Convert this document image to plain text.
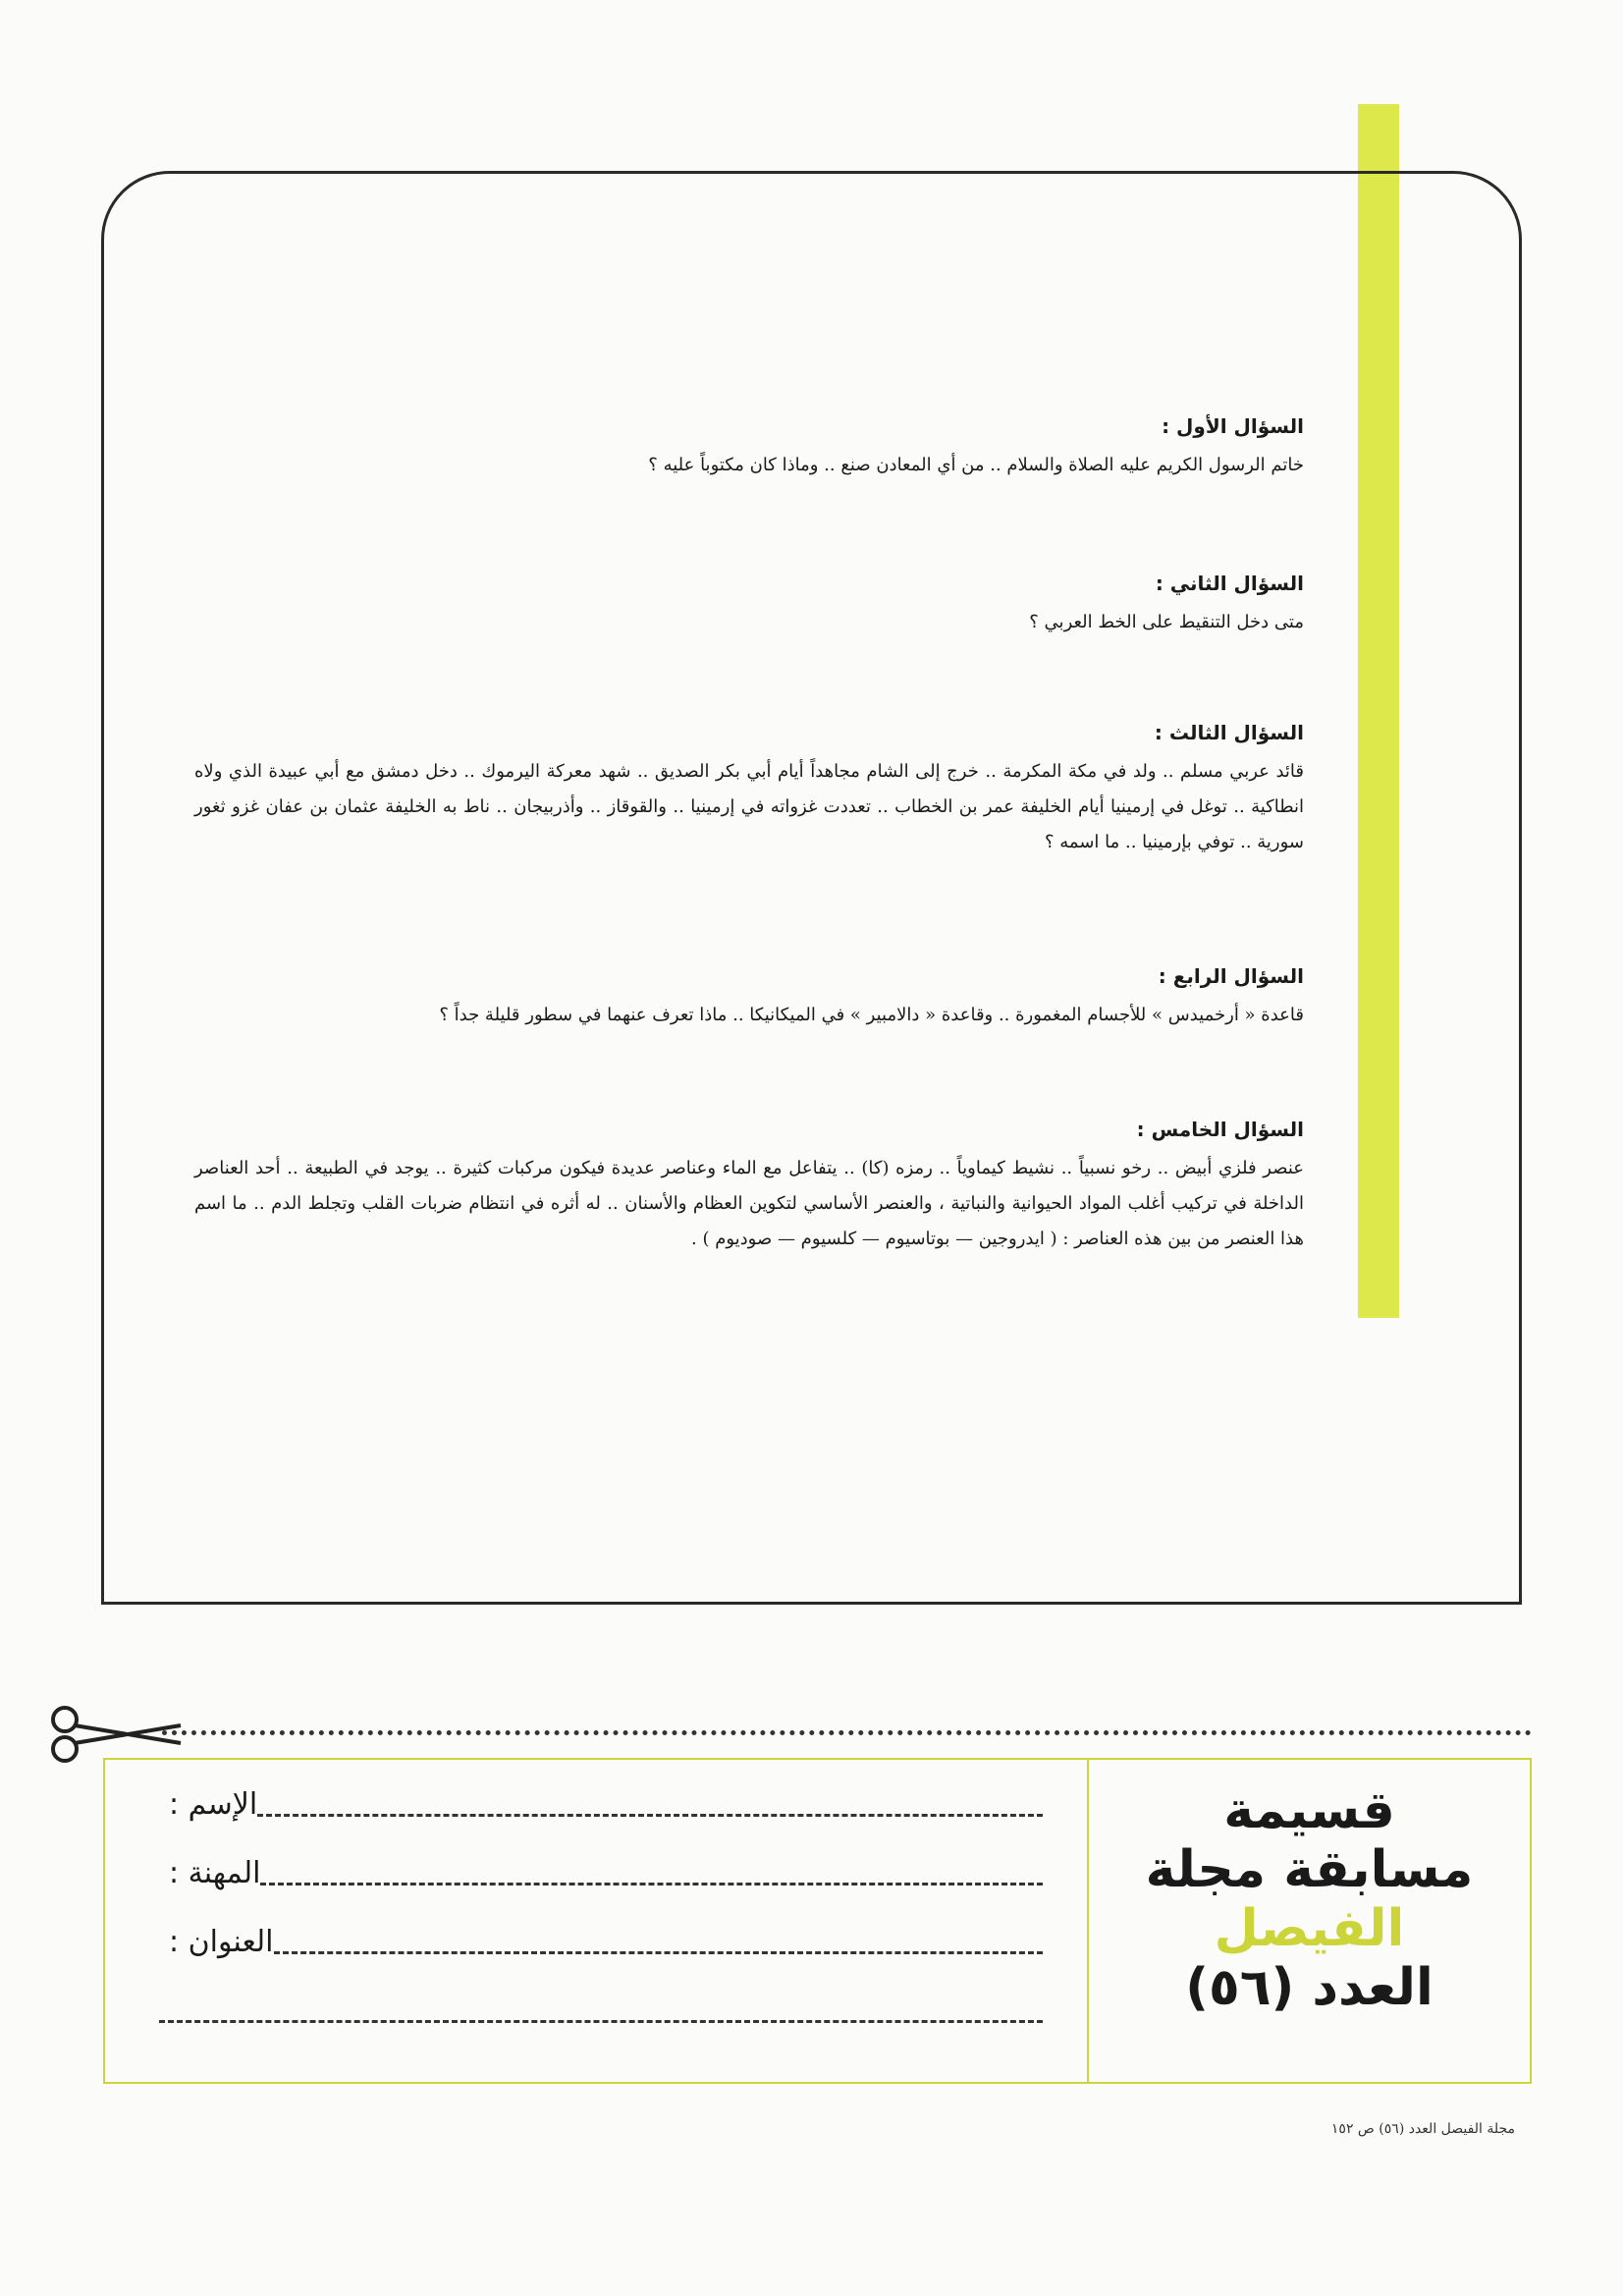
السؤال الأول :
خاتم الرسول الكريم عليه الصلاة والسلام .. من أي المعادن صنع .. وماذا كان مكتوباً عليه ؟
السؤال الثاني :
متى دخل التنقيط على الخط العربي ؟
السؤال الثالث :
قائد عربي مسلم .. ولد في مكة المكرمة .. خرج إلى الشام مجاهداً أيام أبي بكر الصديق .. شهد معركة اليرموك .. دخل دمشق مع أبي عبيدة الذي ولاه انطاكية .. توغل في إرمينيا أيام الخليفة عمر بن الخطاب .. تعددت غزواته في إرمينيا .. والقوقاز .. وأذربيجان .. ناط به الخليفة عثمان بن عفان غزو ثغور سورية .. توفي بإرمينيا .. ما اسمه ؟
السؤال الرابع :
قاعدة « أرخميدس » للأجسام المغمورة .. وقاعدة « دالامبير » في الميكانيكا .. ماذا تعرف عنهما في سطور قليلة جداً ؟
السؤال الخامس :
عنصر فلزي أبيض .. رخو نسبياً .. نشيط كيماوياً .. رمزه (كا) .. يتفاعل مع الماء وعناصر عديدة فيكون مركبات كثيرة .. يوجد في الطبيعة .. أحد العناصر الداخلة في تركيب أغلب المواد الحيوانية والنباتية ، والعنصر الأساسي لتكوين العظام والأسنان .. له أثره في انتظام ضربات القلب وتجلط الدم .. ما اسم هذا العنصر من بين هذه العناصر : ( ايدروجين — بوتاسيوم — كلسيوم — صوديوم ) .
الإسم :
المهنة :
العنوان :
قسيمة
مسابقة مجلة
الفيصل
العدد (٥٦)
مجلة الفيصل العدد (٥٦) ص ١٥٢
